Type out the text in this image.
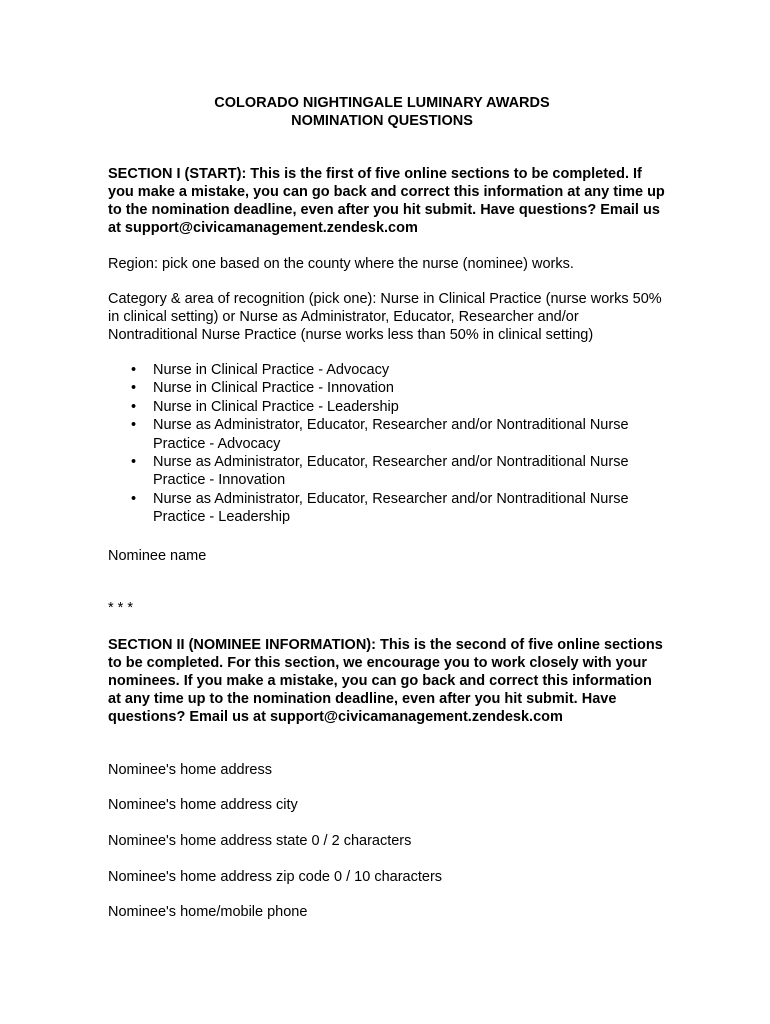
COLORADO NIGHTINGALE LUMINARY AWARDS
NOMINATION QUESTIONS
SECTION I (START): This is the first of five online sections to be completed. If you make a mistake, you can go back and correct this information at any time up to the nomination deadline, even after you hit submit. Have questions? Email us at support@civicamanagement.zendesk.com
Region: pick one based on the county where the nurse (nominee) works.
Category & area of recognition (pick one): Nurse in Clinical Practice (nurse works 50% in clinical setting) or Nurse as Administrator, Educator, Researcher and/or Nontraditional Nurse Practice (nurse works less than 50% in clinical setting)
• Nurse in Clinical Practice - Advocacy
• Nurse in Clinical Practice - Innovation
• Nurse in Clinical Practice - Leadership
• Nurse as Administrator, Educator, Researcher and/or Nontraditional Nurse Practice - Advocacy
• Nurse as Administrator, Educator, Researcher and/or Nontraditional Nurse Practice - Innovation
• Nurse as Administrator, Educator, Researcher and/or Nontraditional Nurse Practice - Leadership
Nominee name
* * *
SECTION II (NOMINEE INFORMATION): This is the second of five online sections to be completed. For this section, we encourage you to work closely with your nominees. If you make a mistake, you can go back and correct this information at any time up to the nomination deadline, even after you hit submit. Have questions? Email us at support@civicamanagement.zendesk.com
Nominee's home address
Nominee's home address city
Nominee's home address state 0 / 2 characters
Nominee's home address zip code 0 / 10 characters
Nominee's home/mobile phone
